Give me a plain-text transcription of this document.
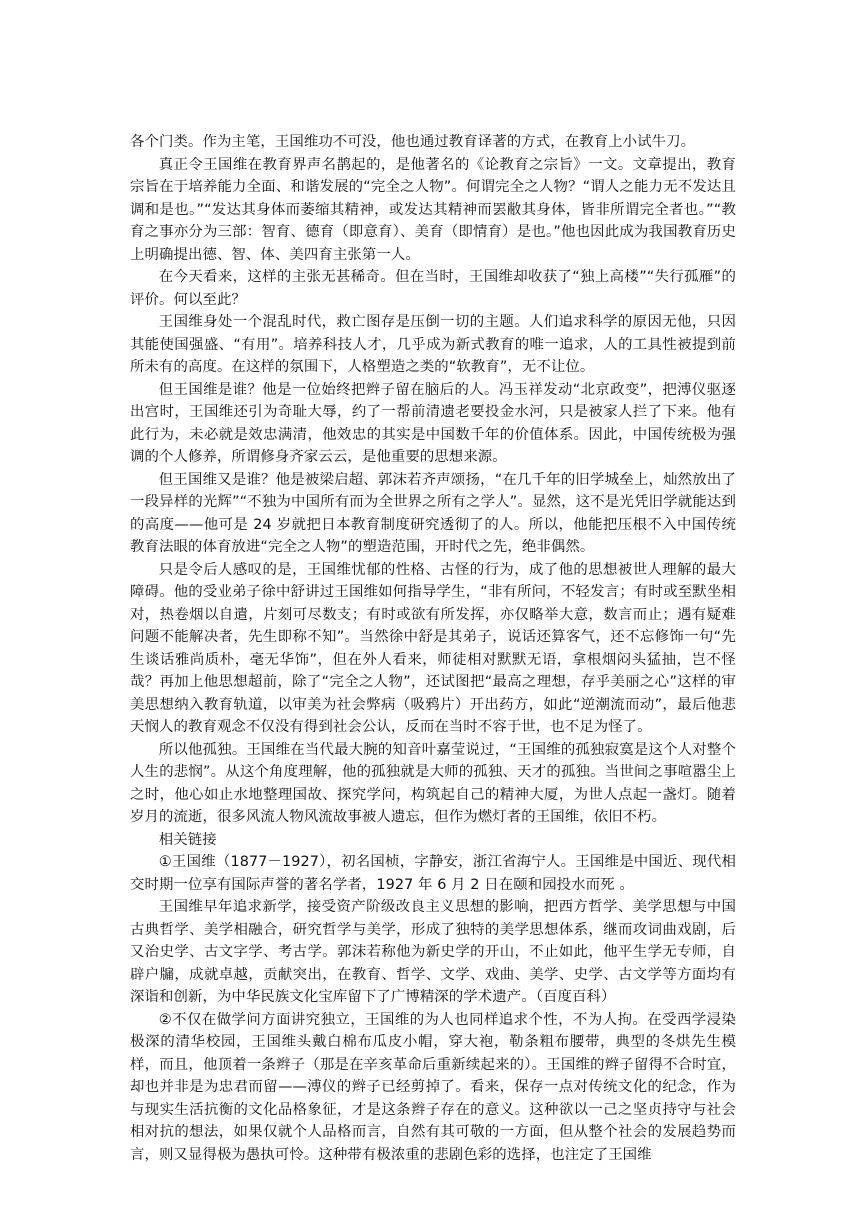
各个门类。作为主笔，王国维功不可没，他也通过教育译著的方式，在教育上小试牛刀。

真正令王国维在教育界声名鹊起的，是他著名的《论教育之宗旨》一文。文章提出，教育宗旨在于培养能力全面、和谐发展的“完全之人物”。何谓完全之人物？“谓人之能力无不发达且调和是也。”“发达其身体而萎缩其精神，或发达其精神而罢敝其身体，皆非所谓完全者也。”“教育之事亦分为三部：智育、德育（即意育）、美育（即情育）是也。”他也因此成为我国教育历史上明确提出德、智、体、美四育主张第一人。

在今天看来，这样的主张无甚稀奇。但在当时，王国维却收获了“独上高楼”“失行孤雁”的评价。何以至此？

王国维身处一个混乱时代，救亡图存是压倒一切的主题。人们追求科学的原因无他，只因其能使国强盛、“有用”。培养科技人才，几乎成为新式教育的唯一追求，人的工具性被提到前所未有的高度。在这样的氛围下，人格塑造之类的“软教育”，无不让位。

但王国维是谁？他是一位始终把辫子留在脑后的人。冯玉祥发动“北京政变”，把溥仪驱逐出宫时，王国维还引为奇耻大辱，约了一帮前清遗老要投金水河，只是被家人拦了下来。他有此行为，未必就是效忠满清，他效忠的其实是中国数千年的价值体系。因此，中国传统极为强调的个人修养，所谓修身齐家云云，是他重要的思想来源。

但王国维又是谁？他是被梁启超、郭沫若齐声颂扬，“在几千年的旧学城垒上，灿然放出了一段异样的光辉”“不独为中国所有而为全世界之所有之学人”。显然，这不是光凭旧学就能达到的高度——他可是 24 岁就把日本教育制度研究透彻了的人。所以，他能把压根不入中国传统教育法眼的体育放进“完全之人物”的塑造范围，开时代之先，绝非偶然。

只是令后人感叹的是，王国维忧郁的性格、古怪的行为，成了他的思想被世人理解的最大障碍。他的受业弟子徐中舒讲过王国维如何指导学生，“非有所问，不轻发言；有时或至默坐相对，热卷烟以自遣，片刻可尽数支；有时或欲有所发挥，亦仅略举大意，数言而止；遇有疑难问题不能解决者，先生即称不知”。当然徐中舒是其弟子，说话还算客气，还不忘修饰一句“先生谈话雅尚质朴，毫无华饰”，但在外人看来，师徒相对默默无语，拿根烟闷头猛抽，岂不怪哉？再加上他思想超前，除了“完全之人物”，还试图把“最高之理想，存乎美丽之心”这样的审美思想纳入教育轨道，以审美为社会弊病（吸鸦片）开出药方，如此“逆潮流而动”，最后他悲天悯人的教育观念不仅没有得到社会公认，反而在当时不容于世，也不足为怪了。

所以他孤独。王国维在当代最大腕的知音叶嘉莹说过，“王国维的孤独寂寞是这个人对整个人生的悲悯”。从这个角度理解，他的孤独就是大师的孤独、天才的孤独。当世间之事喧嚣尘上之时，他心如止水地整理国故、探究学问，构筑起自己的精神大厦，为世人点起一盏灯。随着岁月的流逝，很多风流人物风流故事被人遗忘，但作为燃灯者的王国维，依旧不朽。

相关链接

①王国维（1877－1927），初名国桢，字静安，浙江省海宁人。王国维是中国近、现代相交时期一位享有国际声誉的著名学者，1927 年 6 月 2 日在颐和园投水而死 。

王国维早年追求新学，接受资产阶级改良主义思想的影响，把西方哲学、美学思想与中国古典哲学、美学相融合，研究哲学与美学，形成了独特的美学思想体系，继而攻词曲戏剧，后又治史学、古文字学、考古学。郭沫若称他为新史学的开山，不止如此，他平生学无专师，自辟户牖，成就卓越，贡献突出，在教育、哲学、文学、戏曲、美学、史学、古文学等方面均有深诣和创新，为中华民族文化宝库留下了广博精深的学术遗产。（百度百科）

②不仅在做学问方面讲究独立，王国维的为人也同样追求个性，不为人拘。在受西学浸染极深的清华校园，王国维头戴白棉布瓜皮小帽，穿大袍，勒条粗布腰带，典型的冬烘先生模样，而且，他顶着一条辫子（那是在辛亥革命后重新续起来的）。王国维的辫子留得不合时宜，却也并非是为忠君而留——溥仪的辫子已经剪掉了。看来，保存一点对传统文化的纪念，作为与现实生活抗衡的文化品格象征，才是这条辫子存在的意义。这种欲以一己之坚贞持守与社会相对抗的想法，如果仅就个人品格而言，自然有其可敬的一方面，但从整个社会的发展趋势而言，则又显得极为愚执可怜。这种带有极浓重的悲剧色彩的选择，也注定了王国维
